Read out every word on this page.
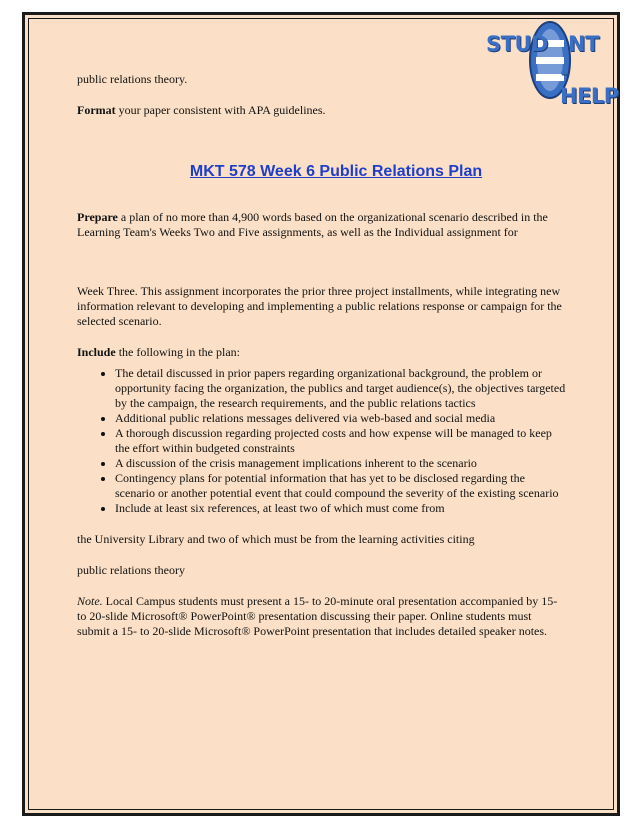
STUD NT
-HELP

public relations theory.

Format your paper consistent with APA guidelines.

MKT 578 Week 6 Public Relations Plan

Prepare a plan of no more than 4,900 words based on the organizational scenario described in the Learning Team's Weeks Two and Five assignments, as well as the Individual assignment for

Week Three. This assignment incorporates the prior three project installments, while integrating new information relevant to developing and implementing a public relations response or campaign for the selected scenario.

Include the following in the plan:

• The detail discussed in prior papers regarding organizational background, the problem or opportunity facing the organization, the publics and target audience(s), the objectives targeted by the campaign, the research requirements, and the public relations tactics
• Additional public relations messages delivered via web-based and social media
• A thorough discussion regarding projected costs and how expense will be managed to keep the effort within budgeted constraints
• A discussion of the crisis management implications inherent to the scenario
• Contingency plans for potential information that has yet to be disclosed regarding the scenario or another potential event that could compound the severity of the existing scenario
• Include at least six references, at least two of which must come from

the University Library and two of which must be from the learning activities citing

public relations theory

Note. Local Campus students must present a 15- to 20-minute oral presentation accompanied by 15- to 20-slide Microsoft® PowerPoint® presentation discussing their paper. Online students must submit a 15- to 20-slide Microsoft® PowerPoint presentation that includes detailed speaker notes.
